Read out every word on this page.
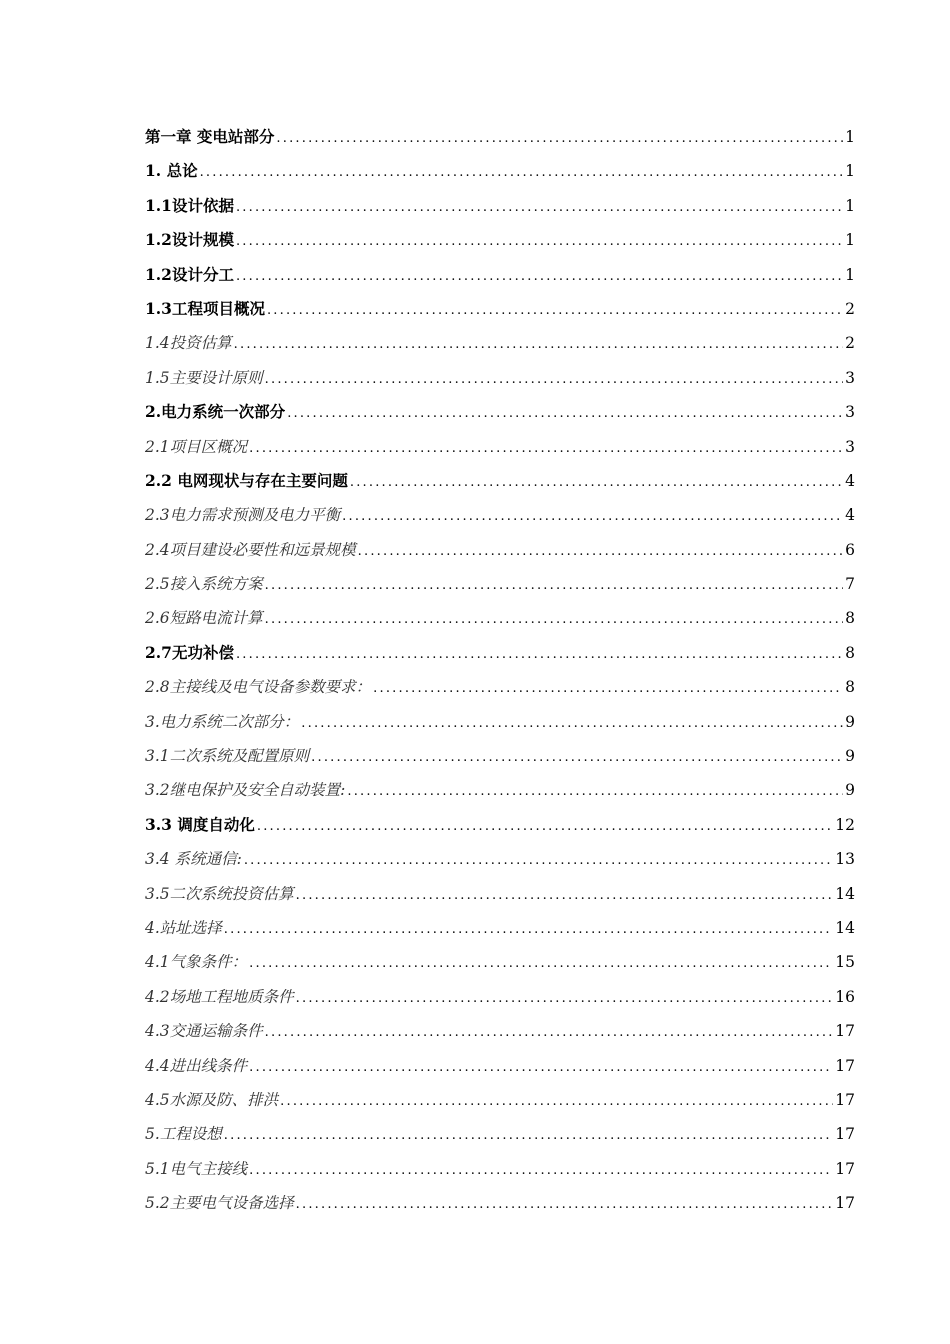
第一章 变电站部分 .....	1
1. 总论 .....	1
1.1设计依据 .....	1
1.2设计规模 .....	1
1.2设计分工 .....	1
1.3工程项目概况 .....	2
1.4投资估算 .....	2
1.5主要设计原则 .....	3
2.电力系统一次部分 .....	3
2.1项目区概况 .....	3
2.2 电网现状与存在主要问题 .....	4
2.3电力需求预测及电力平衡 .....	4
2.4项目建设必要性和远景规模 .....	6
2.5接入系统方案 .....	7
2.6短路电流计算 .....	8
2.7无功补偿 .....	8
2.8主接线及电气设备参数要求： .....	8
3.电力系统二次部分： .....	9
3.1二次系统及配置原则 .....	9
3.2继电保护及安全自动装置: .....	9
3.3 调度自动化 .....	12
3.4 系统通信: .....	13
3.5二次系统投资估算 .....	14
4.站址选择 .....	14
4.1气象条件： .....	15
4.2场地工程地质条件 .....	16
4.3交通运输条件 .....	17
4.4进出线条件 .....	17
4.5水源及防、排洪 .....	17
5.工程设想 .....	17
5.1电气主接线 .....	17
5.2主要电气设备选择 .....	17
